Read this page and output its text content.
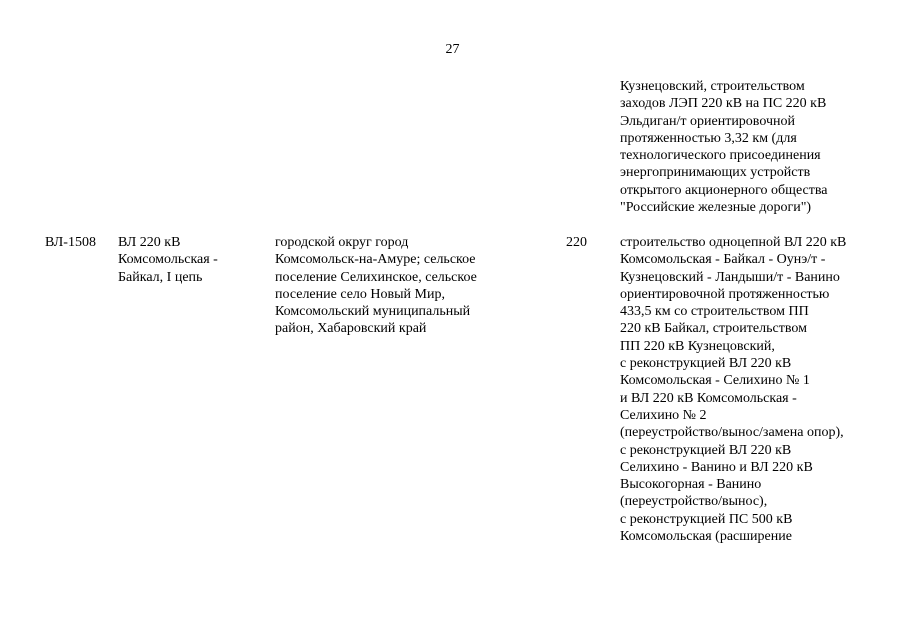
27
Кузнецовский, строительством
заходов ЛЭП 220 кВ на ПС 220 кВ
Эльдиган/т ориентировочной
протяженностью 3,32 км (для
технологического присоединения
энергопринимающих устройств
открытого акционерного общества
"Российские железные дороги")
ВЛ-1508	ВЛ 220 кВ
Комсомольская -
Байкал, I цепь
городской округ город
Комсомольск-на-Амуре; сельское
поселение Селихинское, сельское
поселение село Новый Мир,
Комсомольский муниципальный
район, Хабаровский край
220	строительство одноцепной ВЛ 220 кВ
Комсомольская - Байкал - Оунэ/т -
Кузнецовский - Ландыши/т - Ванино
ориентировочной протяженностью
433,5 км со строительством ПП
220 кВ Байкал, строительством
ПП 220 кВ Кузнецовский,
с реконструкцией ВЛ 220 кВ
Комсомольская - Селихино № 1
и ВЛ 220 кВ Комсомольская -
Селихино № 2
(переустройство/вынос/замена опор),
с реконструкцией ВЛ 220 кВ
Селихино - Ванино и ВЛ 220 кВ
Высокогорная - Ванино
(переустройство/вынос),
с реконструкцией ПС 500 кВ
Комсомольская (расширение
